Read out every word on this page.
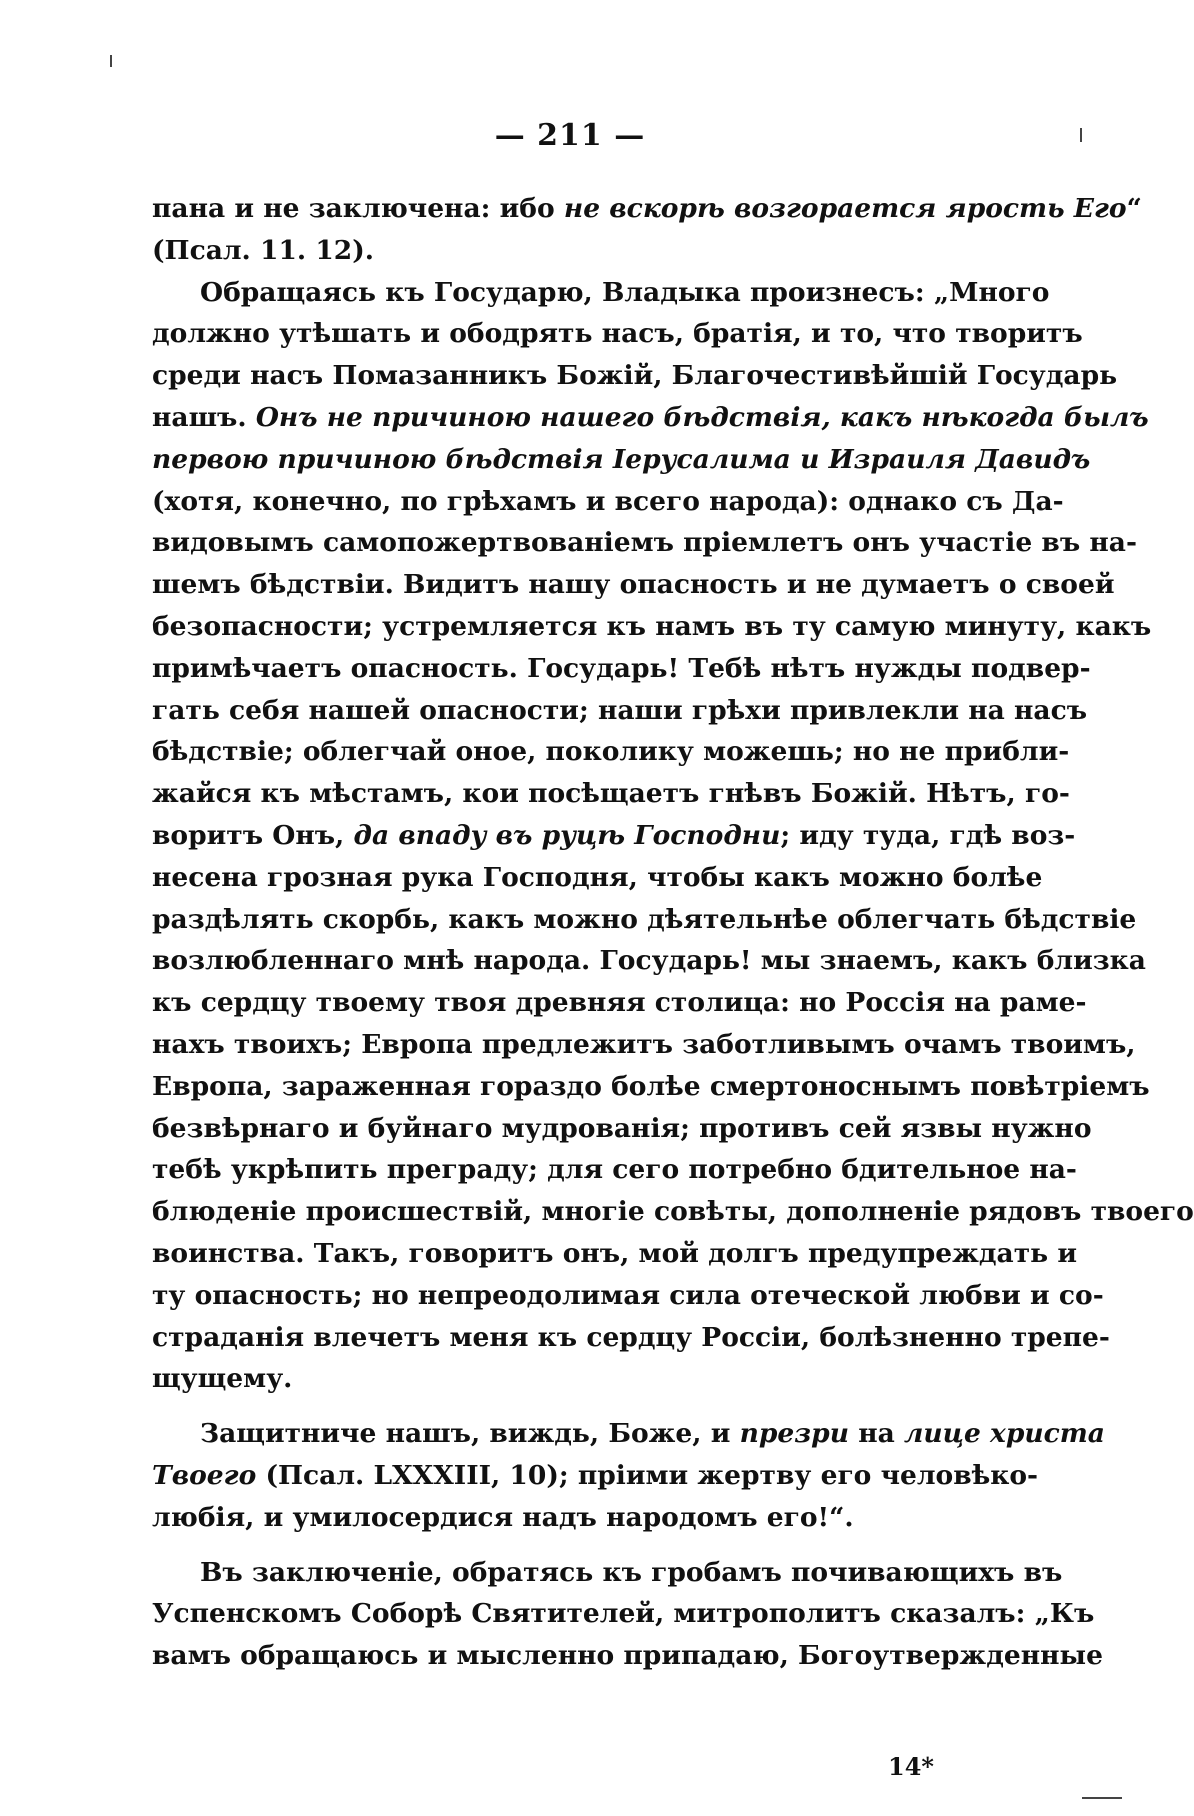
— 211 —
пана и не заключена: ибо не вскорѣ возгорается ярость Его“
(Псал. 11. 12).
Обращаясь къ Государю, Владыка произнесъ: „Много
должно утѣшать и ободрять насъ, братія, и то, что творитъ
среди насъ Помазанникъ Божій, Благочестивѣйшій Государь
нашъ. Онъ не причиною нашего бѣдствія, какъ нѣкогда былъ
первою причиною бѣдствія Іерусалима и Израиля Давидъ
(хотя, конечно, по грѣхамъ и всего народа): однако съ Да-
видовымъ самопожертвованіемъ пріемлетъ онъ участіе въ на-
шемъ бѣдствіи. Видитъ нашу опасность и не думаетъ о своей
безопасности; устремляется къ намъ въ ту самую минуту, какъ
примѣчаетъ опасность. Государь! Тебѣ нѣтъ нужды подвер-
гать себя нашей опасности; наши грѣхи привлекли на насъ
бѣдствіе; облегчай оное, поколику можешь; но не прибли-
жайся къ мѣстамъ, кои посѣщаетъ гнѣвъ Божій. Нѣтъ, го-
воритъ Онъ, да впаду въ руцѣ Господни; иду туда, гдѣ воз-
несена грозная рука Господня, чтобы какъ можно болѣе
раздѣлять скорбь, какъ можно дѣятельнѣе облегчать бѣдствіе
возлюбленнаго мнѣ народа. Государь! мы знаемъ, какъ близка
къ сердцу твоему твоя древняя столица: но Россія на раме-
нахъ твоихъ; Европа предлежитъ заботливымъ очамъ твоимъ,
Европа, зараженная гораздо болѣе смертоноснымъ повѣтріемъ
безвѣрнаго и буйнаго мудрованія; противъ сей язвы нужно
тебѣ укрѣпить преграду; для сего потребно бдительное на-
блюденіе происшествій, многіе совѣты, дополненіе рядовъ твоего
воинства. Такъ, говоритъ онъ, мой долгъ предупреждать и
ту опасность; но непреодолимая сила отеческой любви и со-
страданія влечетъ меня къ сердцу Россіи, болѣзненно трепе-
щущему.
Защитниче нашъ, виждь, Боже, и презри на лице христа
Твоего (Псал. LXXXIII, 10); пріими жертву его человѣко-
любія, и умилосердися надъ народомъ его!“.
Въ заключеніе, обратясь къ гробамъ почивающихъ въ
Успенскомъ Соборѣ Святителей, митрополитъ сказалъ: „Къ
вамъ обращаюсь и мысленно припадаю, Богоутвержденные
14*
